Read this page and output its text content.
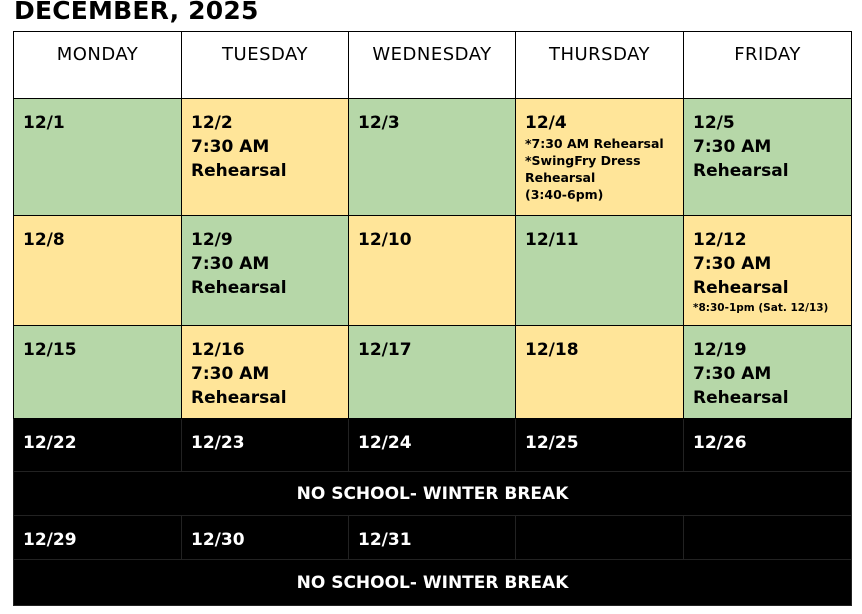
DECEMBER, 2025
MONDAY	TUESDAY	WEDNESDAY	THURSDAY	FRIDAY

12/1	12/2
7:30 AM
Rehearsal	12/3	12/4
*7:30 AM Rehearsal
*SwingFry Dress Rehearsal
(3:40-6pm)	12/5
7:30 AM
Rehearsal

12/8	12/9
7:30 AM
Rehearsal	12/10	12/11	12/12
7:30 AM
Rehearsal
*8:30-1pm (Sat. 12/13)

12/15	12/16
7:30 AM
Rehearsal	12/17	12/18	12/19
7:30 AM
Rehearsal

12/22	12/23	12/24	12/25	12/26

NO SCHOOL- WINTER BREAK				

12/29	12/30	12/31		

NO SCHOOL- WINTER BREAK				
